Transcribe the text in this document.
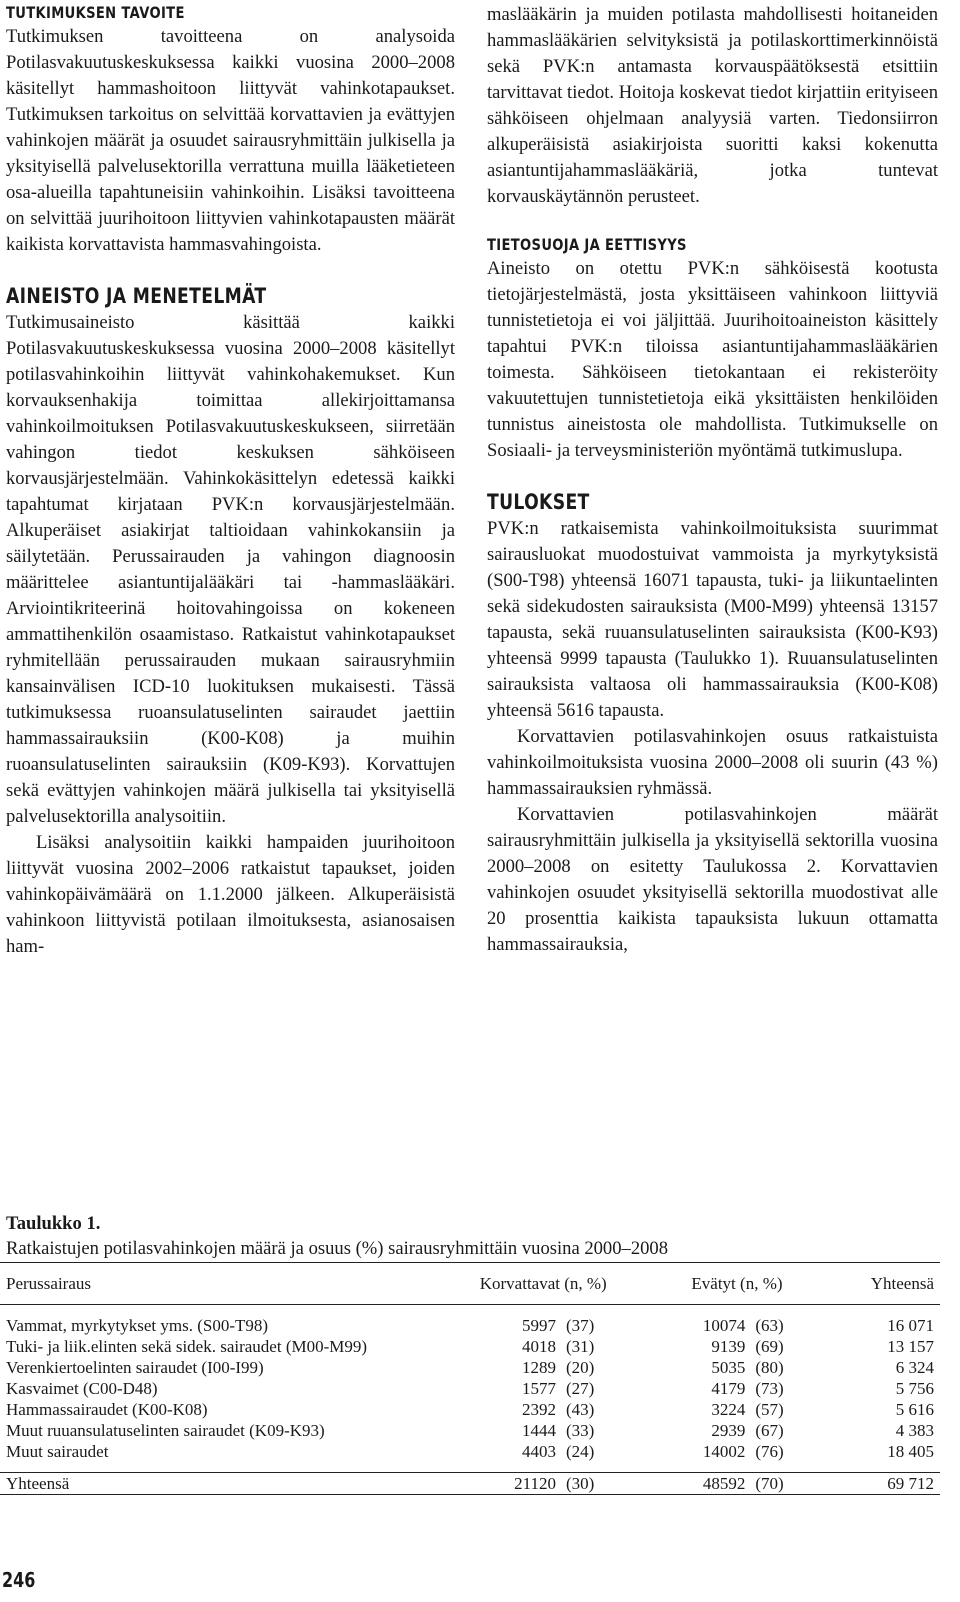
TUTKIMUKSEN TAVOITE

Tutkimuksen tavoitteena on analysoida Potilasvakuutuskeskuksessa kaikki vuosina 2000–2008 käsitellyt hammashoitoon liittyvät vahinkotapaukset. Tutkimuksen tarkoitus on selvittää korvattavien ja evättyjen vahinkojen määrät ja osuudet sairausryhmittäin julkisella ja yksityisellä palvelusektorilla verrattuna muilla lääketieteen osa-alueilla tapahtuneisiin vahinkoihin. Lisäksi tavoitteena on selvittää juurihoitoon liittyvien vahinkotapausten määrät kaikista korvattavista hammasvahingoista.

AINEISTO JA MENETELMÄT

Tutkimusaineisto käsittää kaikki Potilasvakuutuskeskuksessa vuosina 2000–2008 käsitellyt potilasvahinkoihin liittyvät vahinkohakemukset. Kun korvauksenhakija toimittaa allekirjoittamansa vahinkoilmoituksen Potilasvakuutuskeskukseen, siirretään vahingon tiedot keskuksen sähköiseen korvausjärjestelmään. Vahinkokäsittelyn edetessä kaikki tapahtumat kirjataan PVK:n korvausjärjestelmään. Alkuperäiset asiakirjat taltioidaan vahinkokansiin ja säilytetään. Perussairauden ja vahingon diagnoosin määrittelee asiantuntijalääkäri tai -hammaslääkäri. Arviointikriteerinä hoitovahingoissa on kokeneen ammattihenkilön osaamistaso. Ratkaistut vahinkotapaukset ryhmitellään perussairauden mukaan sairausryhmiin kansainvälisen ICD-10 luokituksen mukaisesti. Tässä tutkimuksessa ruoansulatuselinten sairaudet jaettiin hammassairauksiin (K00-K08) ja muihin ruoansulatuselinten sairauksiin (K09-K93). Korvattujen sekä evättyjen vahinkojen määrä julkisella tai yksityisellä palvelusektorilla analysoitiin.

Lisäksi analysoitiin kaikki hampaiden juurihoitoon liittyvät vuosina 2002–2006 ratkaistut tapaukset, joiden vahinkopäivämäärä on 1.1.2000 jälkeen. Alkuperäisistä vahinkoon liittyvistä potilaan ilmoituksesta, asianosaisen ham-

maslääkärin ja muiden potilasta mahdollisesti hoitaneiden hammaslääkärien selvityksistä ja potilaskorttimerkinnöistä sekä PVK:n antamasta korvauspäätöksestä etsittiin tarvittavat tiedot. Hoitoja koskevat tiedot kirjattiin erityiseen sähköiseen ohjelmaan analyysiä varten. Tiedonsiirron alkuperäisistä asiakirjoista suoritti kaksi kokenutta asiantuntijahammaslääkäriä, jotka tuntevat korvauskäytännön perusteet.

TIETOSUOJA JA EETTISYYS

Aineisto on otettu PVK:n sähköisestä kootusta tietojärjestelmästä, josta yksittäiseen vahinkoon liittyviä tunnistetietoja ei voi jäljittää. Juurihoitoaineiston käsittely tapahtui PVK:n tiloissa asiantuntijahammaslääkärien toimesta. Sähköiseen tietokantaan ei rekisteröity vakuutettujen tunnistetietoja eikä yksittäisten henkilöiden tunnistus aineistosta ole mahdollista. Tutkimukselle on Sosiaali- ja terveysministeriön myöntämä tutkimuslupa.

TULOKSET

PVK:n ratkaisemista vahinkoilmoituksista suurimmat sairausluokat muodostuivat vammoista ja myrkytyksistä (S00-T98) yhteensä 16071 tapausta, tuki- ja liikuntaelinten sekä sidekudosten sairauksista (M00-M99) yhteensä 13157 tapausta, sekä ruuansulatuselinten sairauksista (K00-K93) yhteensä 9999 tapausta (Taulukko 1). Ruuansulatuselinten sairauksista valtaosa oli hammassairauksia (K00-K08) yhteensä 5616 tapausta.

Korvattavien potilasvahinkojen osuus ratkaistuista vahinkoilmoituksista vuosina 2000–2008 oli suurin (43 %) hammassairauksien ryhmässä.

Korvattavien potilasvahinkojen määrät sairausryhmittäin julkisella ja yksityisellä sektorilla vuosina 2000–2008 on esitetty Taulukossa 2. Korvattavien vahinkojen osuudet yksityisellä sektorilla muodostivat alle 20 prosenttia kaikista tapauksista lukuun ottamatta hammassairauksia,

Taulukko 1.

Ratkaistujen potilasvahinkojen määrä ja osuus (%) sairausryhmittäin vuosina 2000–2008

Perussairaus	Korvattavat (n, %)		Evätyt (n, %)		Yhteensä
Vammat, myrkytykset yms. (S00-T98)	5997	(37)	10074	(63)	16 071
Tuki- ja liik.elinten sekä sidek. sairaudet (M00-M99)	4018	(31)	9139	(69)	13 157
Verenkiertoelinten sairaudet (I00-I99)	1289	(20)	5035	(80)	6 324
Kasvaimet (C00-D48)	1577	(27)	4179	(73)	5 756
Hammassairaudet (K00-K08)	2392	(43)	3224	(57)	5 616
Muut ruuansulatuselinten sairaudet (K09-K93)	1444	(33)	2939	(67)	4 383
Muut sairaudet	4403	(24)	14002	(76)	18 405
Yhteensä	21120	(30)	48592	(70)	69 712
246
